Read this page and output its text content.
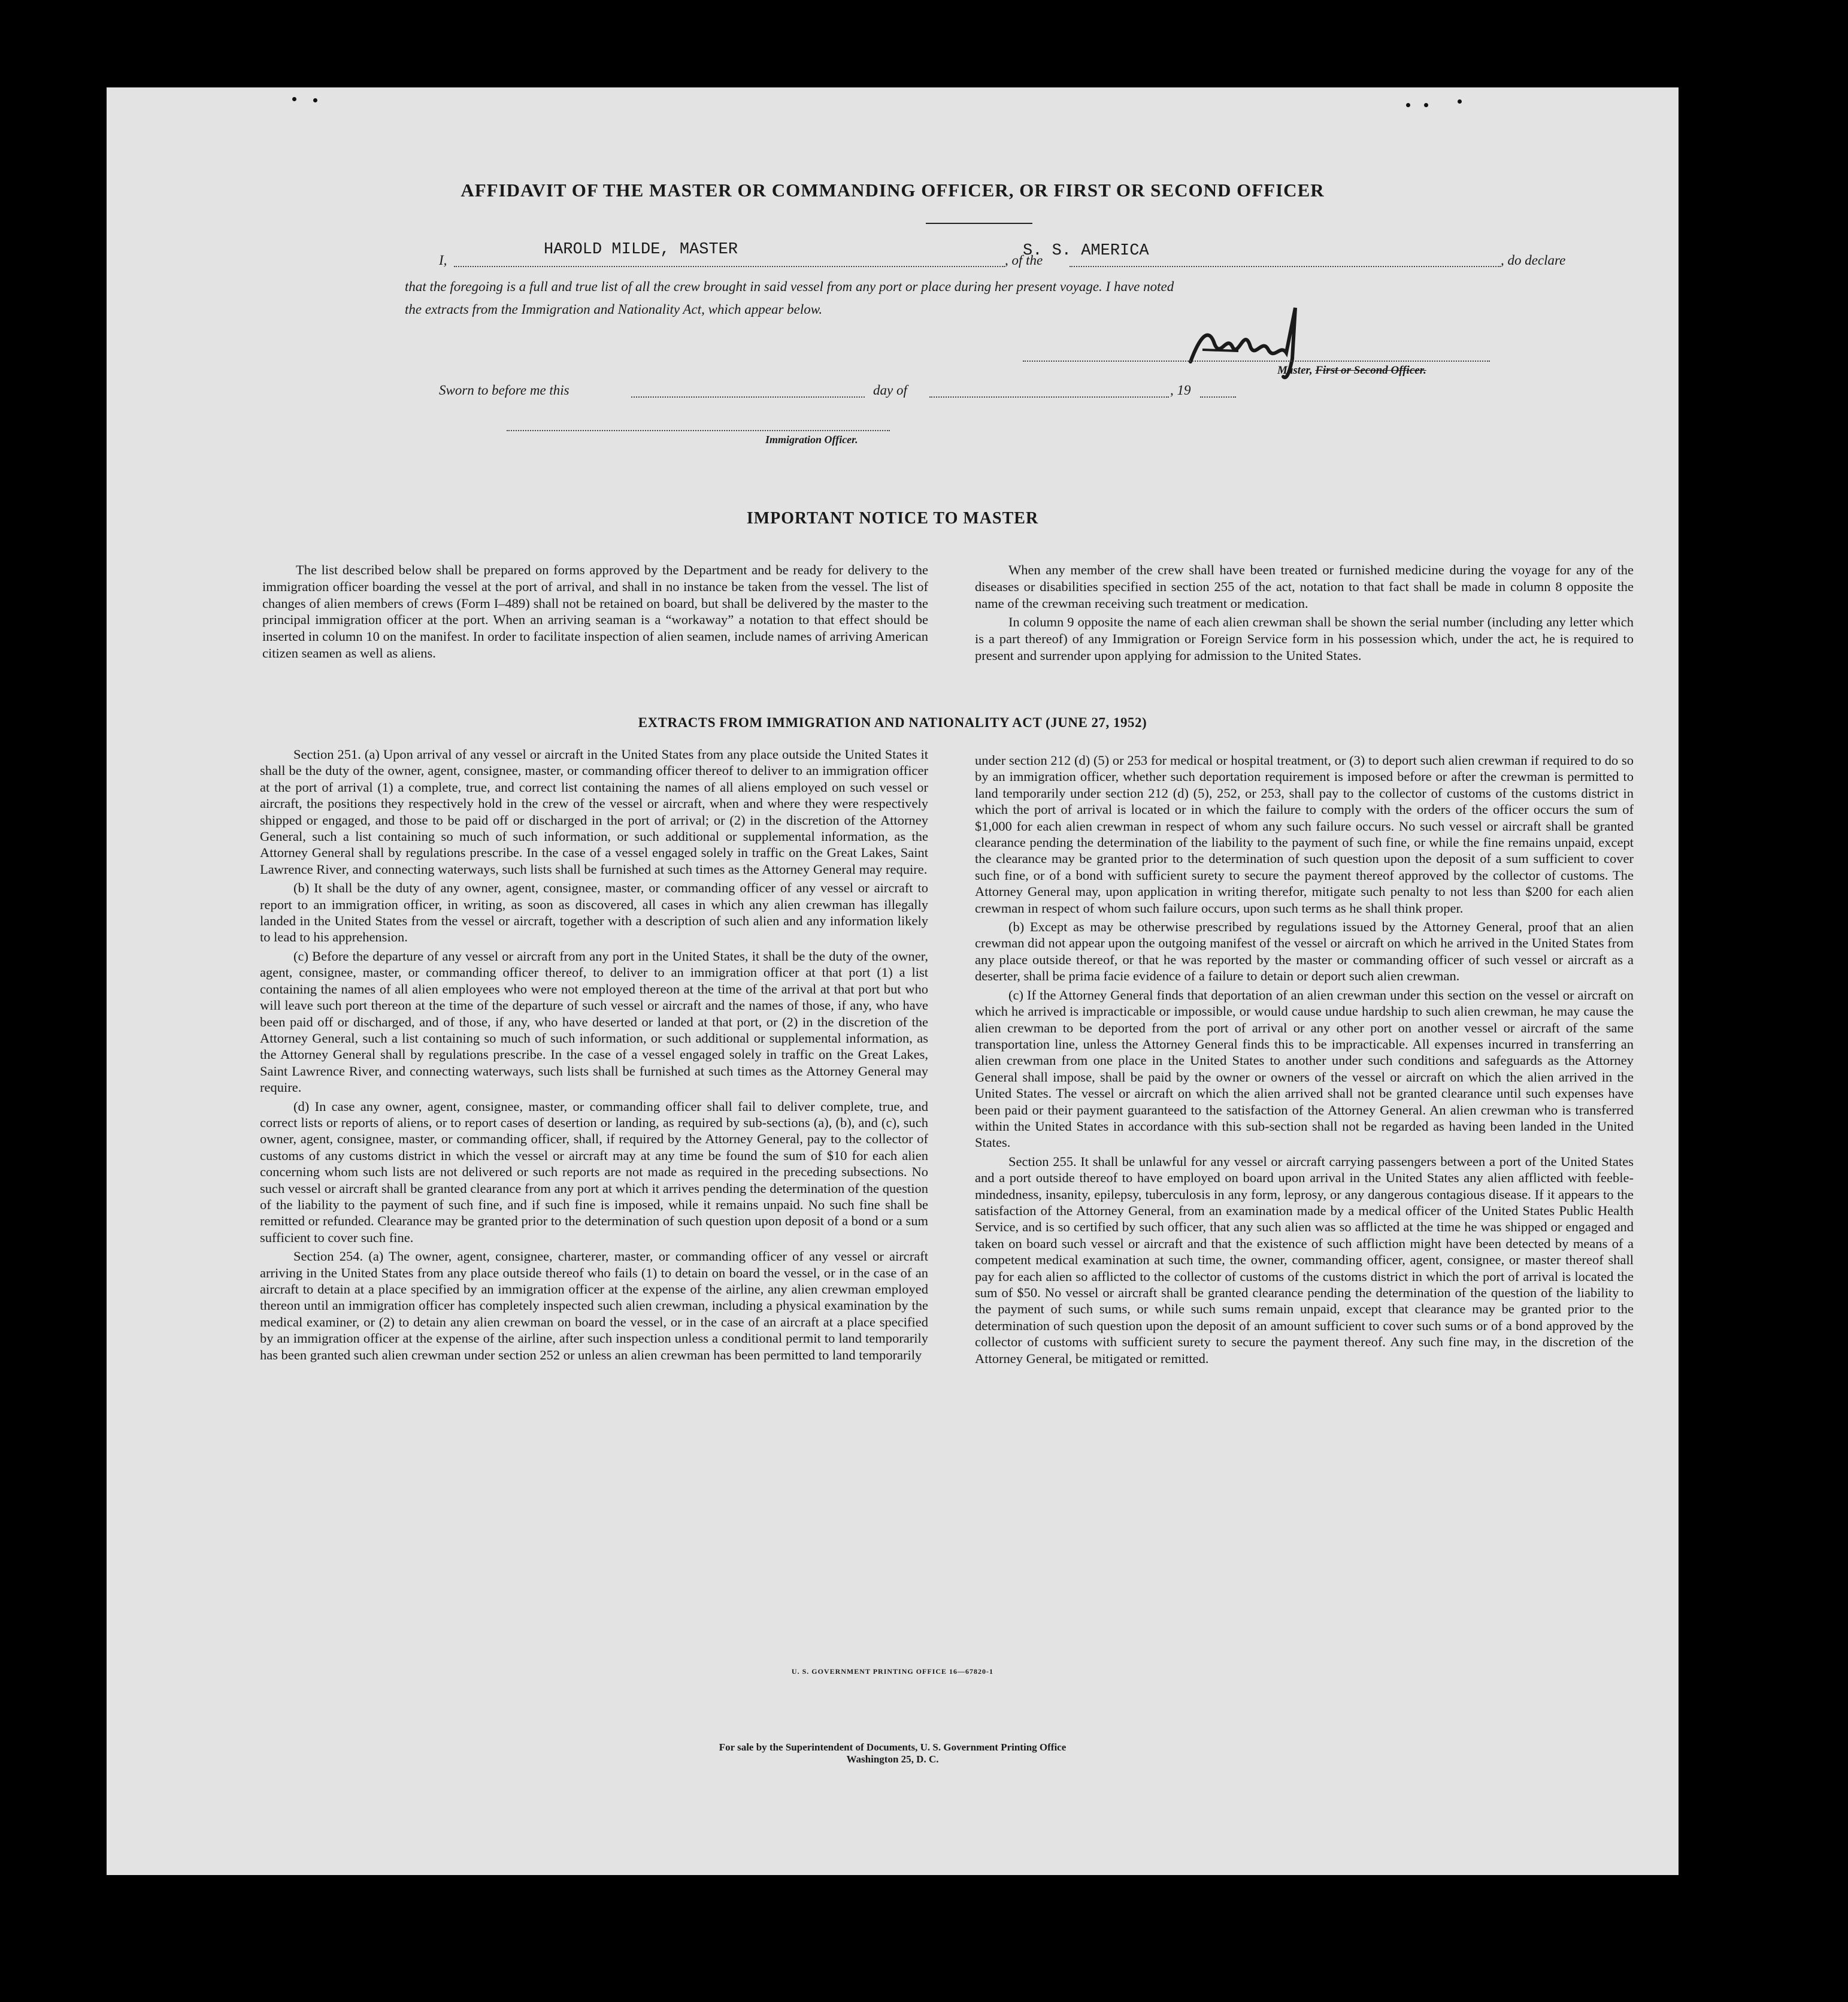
AFFIDAVIT OF THE MASTER OR COMMANDING OFFICER, OR FIRST OR SECOND OFFICER
I,
HAROLD MILDE, MASTER
, of the
S. S. AMERICA
, do declare
that the foregoing is a full and true list of all the crew brought in said vessel from any port or place during her present voyage. I have noted
the extracts from the Immigration and Nationality Act, which appear below.
Master, First or Second Officer.
Sworn to before me this	day of	, 19
Immigration Officer.
IMPORTANT NOTICE TO MASTER

The list described below shall be prepared on forms approved by the Department and be ready for delivery to the immigration officer boarding the vessel at the port of arrival, and shall in no instance be taken from the vessel. The list of changes of alien members of crews (Form I–489) shall not be retained on board, but shall be delivered by the master to the principal immigration officer at the port. When an arriving seaman is a “workaway” a notation to that effect should be inserted in column 10 on the manifest. In order to facilitate inspection of alien seamen, include names of arriving American citizen seamen as well as aliens.

When any member of the crew shall have been treated or furnished medicine during the voyage for any of the diseases or disabilities specified in section 255 of the act, notation to that fact shall be made in column 8 opposite the name of the crewman receiving such treatment or medication.

In column 9 opposite the name of each alien crewman shall be shown the serial number (including any letter which is a part thereof) of any Immigration or Foreign Service form in his possession which, under the act, he is required to present and surrender upon applying for admission to the United States.

EXTRACTS FROM IMMIGRATION AND NATIONALITY ACT (JUNE 27, 1952)

Section 251. (a) Upon arrival of any vessel or aircraft in the United States from any place outside the United States it shall be the duty of the owner, agent, consignee, master, or commanding officer thereof to deliver to an immigration officer at the port of arrival (1) a complete, true, and correct list containing the names of all aliens employed on such vessel or aircraft, the positions they respectively hold in the crew of the vessel or aircraft, when and where they were respectively shipped or engaged, and those to be paid off or discharged in the port of arrival; or (2) in the discretion of the Attorney General, such a list containing so much of such information, or such additional or supplemental information, as the Attorney General shall by regulations prescribe. In the case of a vessel engaged solely in traffic on the Great Lakes, Saint Lawrence River, and connecting waterways, such lists shall be furnished at such times as the Attorney General may require.

(b) It shall be the duty of any owner, agent, consignee, master, or commanding officer of any vessel or aircraft to report to an immigration officer, in writing, as soon as discovered, all cases in which any alien crewman has illegally landed in the United States from the vessel or aircraft, together with a description of such alien and any information likely to lead to his apprehension.

(c) Before the departure of any vessel or aircraft from any port in the United States, it shall be the duty of the owner, agent, consignee, master, or commanding officer thereof, to deliver to an immigration officer at that port (1) a list containing the names of all alien employees who were not employed thereon at the time of the arrival at that port but who will leave such port thereon at the time of the departure of such vessel or aircraft and the names of those, if any, who have been paid off or discharged, and of those, if any, who have deserted or landed at that port, or (2) in the discretion of the Attorney General, such a list containing so much of such information, or such additional or supplemental information, as the Attorney General shall by regulations prescribe. In the case of a vessel engaged solely in traffic on the Great Lakes, Saint Lawrence River, and connecting waterways, such lists shall be furnished at such times as the Attorney General may require.

(d) In case any owner, agent, consignee, master, or commanding officer shall fail to deliver complete, true, and correct lists or reports of aliens, or to report cases of desertion or landing, as required by sub-sections (a), (b), and (c), such owner, agent, consignee, master, or commanding officer, shall, if required by the Attorney General, pay to the collector of customs of any customs district in which the vessel or aircraft may at any time be found the sum of $10 for each alien concerning whom such lists are not delivered or such reports are not made as required in the preceding subsections. No such vessel or aircraft shall be granted clearance from any port at which it arrives pending the determination of the question of the liability to the payment of such fine, and if such fine is imposed, while it remains unpaid. No such fine shall be remitted or refunded. Clearance may be granted prior to the determination of such question upon deposit of a bond or a sum sufficient to cover such fine.

Section 254. (a) The owner, agent, consignee, charterer, master, or commanding officer of any vessel or aircraft arriving in the United States from any place outside thereof who fails (1) to detain on board the vessel, or in the case of an aircraft to detain at a place specified by an immigration officer at the expense of the airline, any alien crewman employed thereon until an immigration officer has completely inspected such alien crewman, including a physical examination by the medical examiner, or (2) to detain any alien crewman on board the vessel, or in the case of an aircraft at a place specified by an immigration officer at the expense of the airline, after such inspection unless a conditional permit to land temporarily has been granted such alien crewman under section 252 or unless an alien crewman has been permitted to land temporarily

under section 212 (d) (5) or 253 for medical or hospital treatment, or (3) to deport such alien crewman if required to do so by an immigration officer, whether such deportation requirement is imposed before or after the crewman is permitted to land temporarily under section 212 (d) (5), 252, or 253, shall pay to the collector of customs of the customs district in which the port of arrival is located or in which the failure to comply with the orders of the officer occurs the sum of $1,000 for each alien crewman in respect of whom any such failure occurs. No such vessel or aircraft shall be granted clearance pending the determination of the liability to the payment of such fine, or while the fine remains unpaid, except the clearance may be granted prior to the determination of such question upon the deposit of a sum sufficient to cover such fine, or of a bond with sufficient surety to secure the payment thereof approved by the collector of customs. The Attorney General may, upon application in writing therefor, mitigate such penalty to not less than $200 for each alien crewman in respect of whom such failure occurs, upon such terms as he shall think proper.

(b) Except as may be otherwise prescribed by regulations issued by the Attorney General, proof that an alien crewman did not appear upon the outgoing manifest of the vessel or aircraft on which he arrived in the United States from any place outside thereof, or that he was reported by the master or commanding officer of such vessel or aircraft as a deserter, shall be prima facie evidence of a failure to detain or deport such alien crewman.

(c) If the Attorney General finds that deportation of an alien crewman under this section on the vessel or aircraft on which he arrived is impracticable or impossible, or would cause undue hardship to such alien crewman, he may cause the alien crewman to be deported from the port of arrival or any other port on another vessel or aircraft of the same transportation line, unless the Attorney General finds this to be impracticable. All expenses incurred in transferring an alien crewman from one place in the United States to another under such conditions and safeguards as the Attorney General shall impose, shall be paid by the owner or owners of the vessel or aircraft on which the alien arrived in the United States. The vessel or aircraft on which the alien arrived shall not be granted clearance until such expenses have been paid or their payment guaranteed to the satisfaction of the Attorney General. An alien crewman who is transferred within the United States in accordance with this sub-section shall not be regarded as having been landed in the United States.

Section 255. It shall be unlawful for any vessel or aircraft carrying passengers between a port of the United States and a port outside thereof to have employed on board upon arrival in the United States any alien afflicted with feeble-mindedness, insanity, epilepsy, tuberculosis in any form, leprosy, or any dangerous contagious disease. If it appears to the satisfaction of the Attorney General, from an examination made by a medical officer of the United States Public Health Service, and is so certified by such officer, that any such alien was so afflicted at the time he was shipped or engaged and taken on board such vessel or aircraft and that the existence of such affliction might have been detected by means of a competent medical examination at such time, the owner, commanding officer, agent, consignee, or master thereof shall pay for each alien so afflicted to the collector of customs of the customs district in which the port of arrival is located the sum of $50. No vessel or aircraft shall be granted clearance pending the determination of the question of the liability to the payment of such sums, or while such sums remain unpaid, except that clearance may be granted prior to the determination of such question upon the deposit of an amount sufficient to cover such sums or of a bond approved by the collector of customs with sufficient surety to secure the payment thereof. Any such fine may, in the discretion of the Attorney General, be mitigated or remitted.

U. S. GOVERNMENT PRINTING OFFICE 16—67820-1
For sale by the Superintendent of Documents, U. S. Government Printing Office
Washington 25, D. C.
